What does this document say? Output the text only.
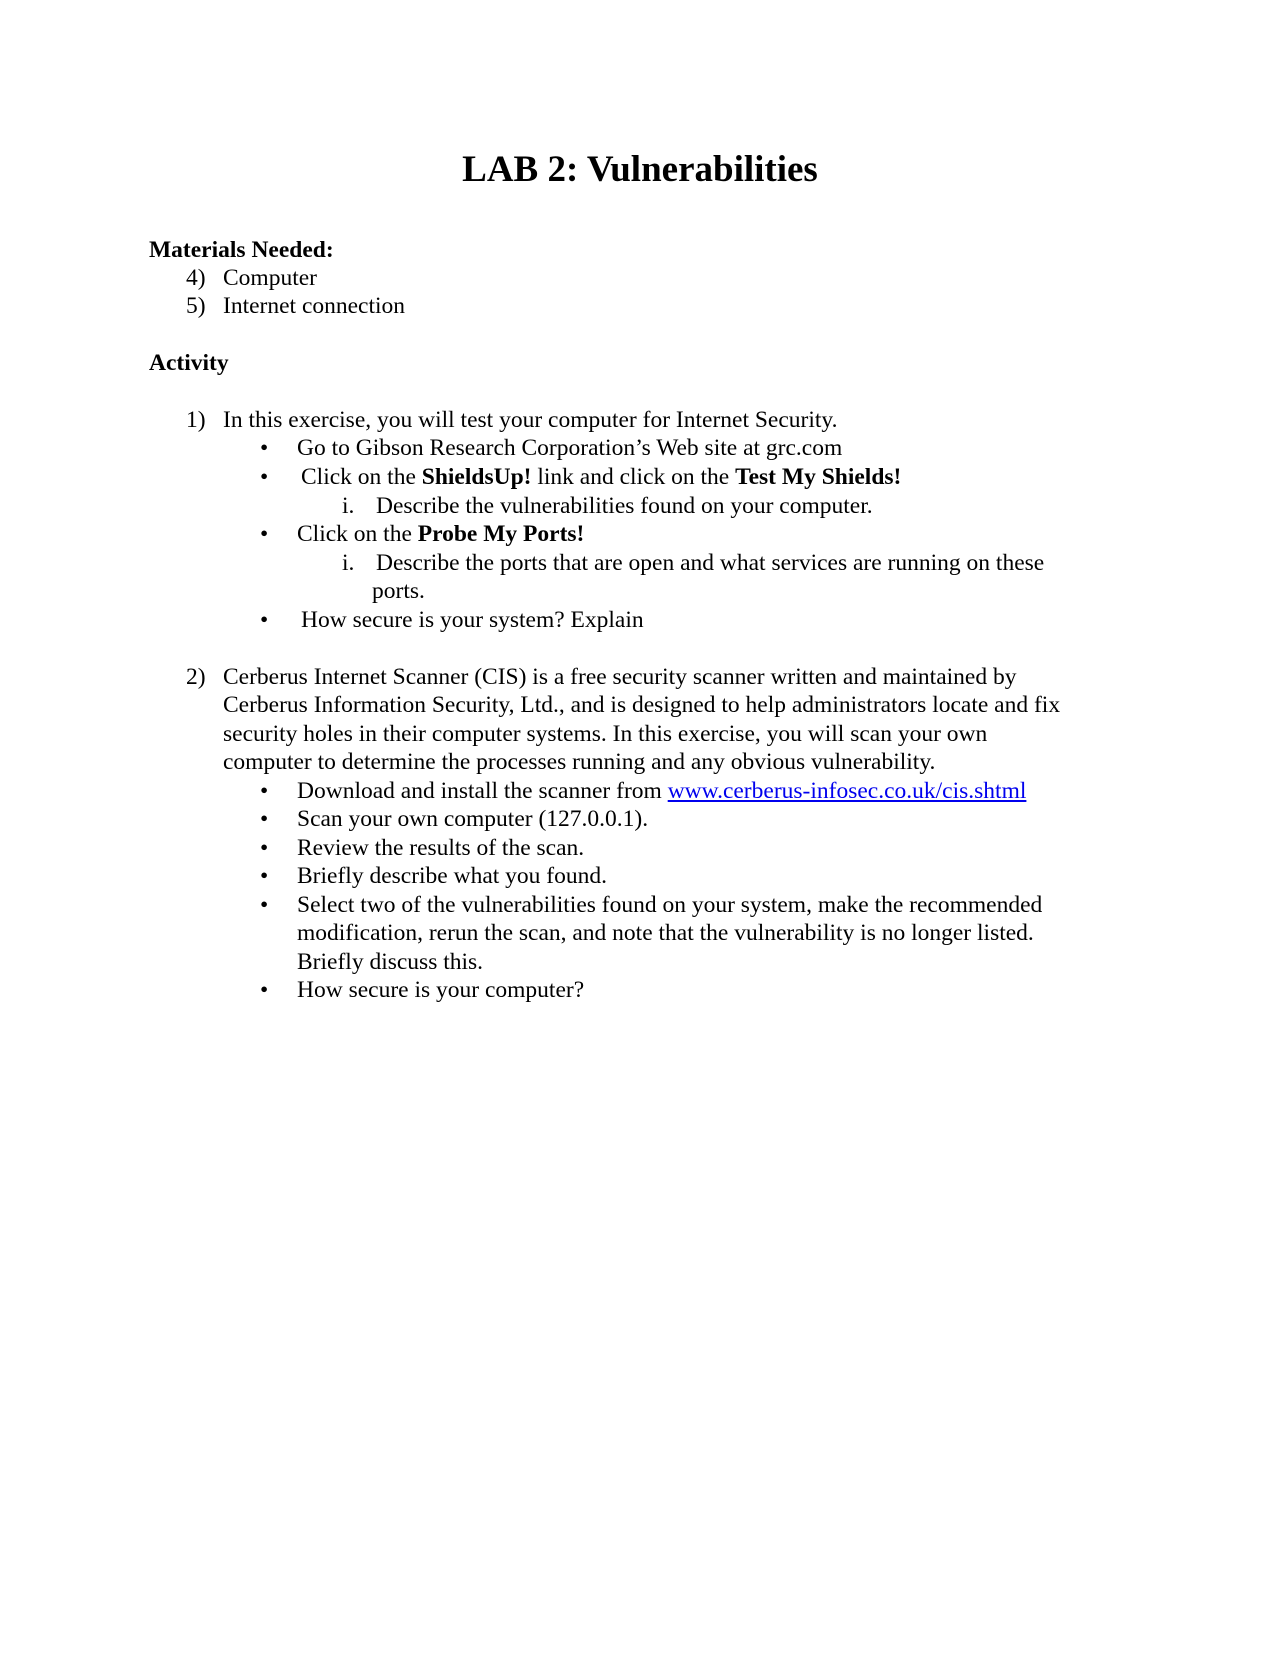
LAB 2: Vulnerabilities
Materials Needed:
4) Computer
5) Internet connection
Activity
1) In this exercise, you will test your computer for Internet Security.
• Go to Gibson Research Corporation’s Web site at grc.com
• Click on the ShieldsUp! link and click on the Test My Shields!
i. Describe the vulnerabilities found on your computer.
• Click on the Probe My Ports!
i. Describe the ports that are open and what services are running on these
ports.
• How secure is your system? Explain
2) Cerberus Internet Scanner (CIS) is a free security scanner written and maintained by
Cerberus Information Security, Ltd., and is designed to help administrators locate and fix
security holes in their computer systems. In this exercise, you will scan your own
computer to determine the processes running and any obvious vulnerability.
• Download and install the scanner from www.cerberus-infosec.co.uk/cis.shtml
• Scan your own computer (127.0.0.1).
• Review the results of the scan.
• Briefly describe what you found.
• Select two of the vulnerabilities found on your system, make the recommended
modification, rerun the scan, and note that the vulnerability is no longer listed.
Briefly discuss this.
• How secure is your computer?
